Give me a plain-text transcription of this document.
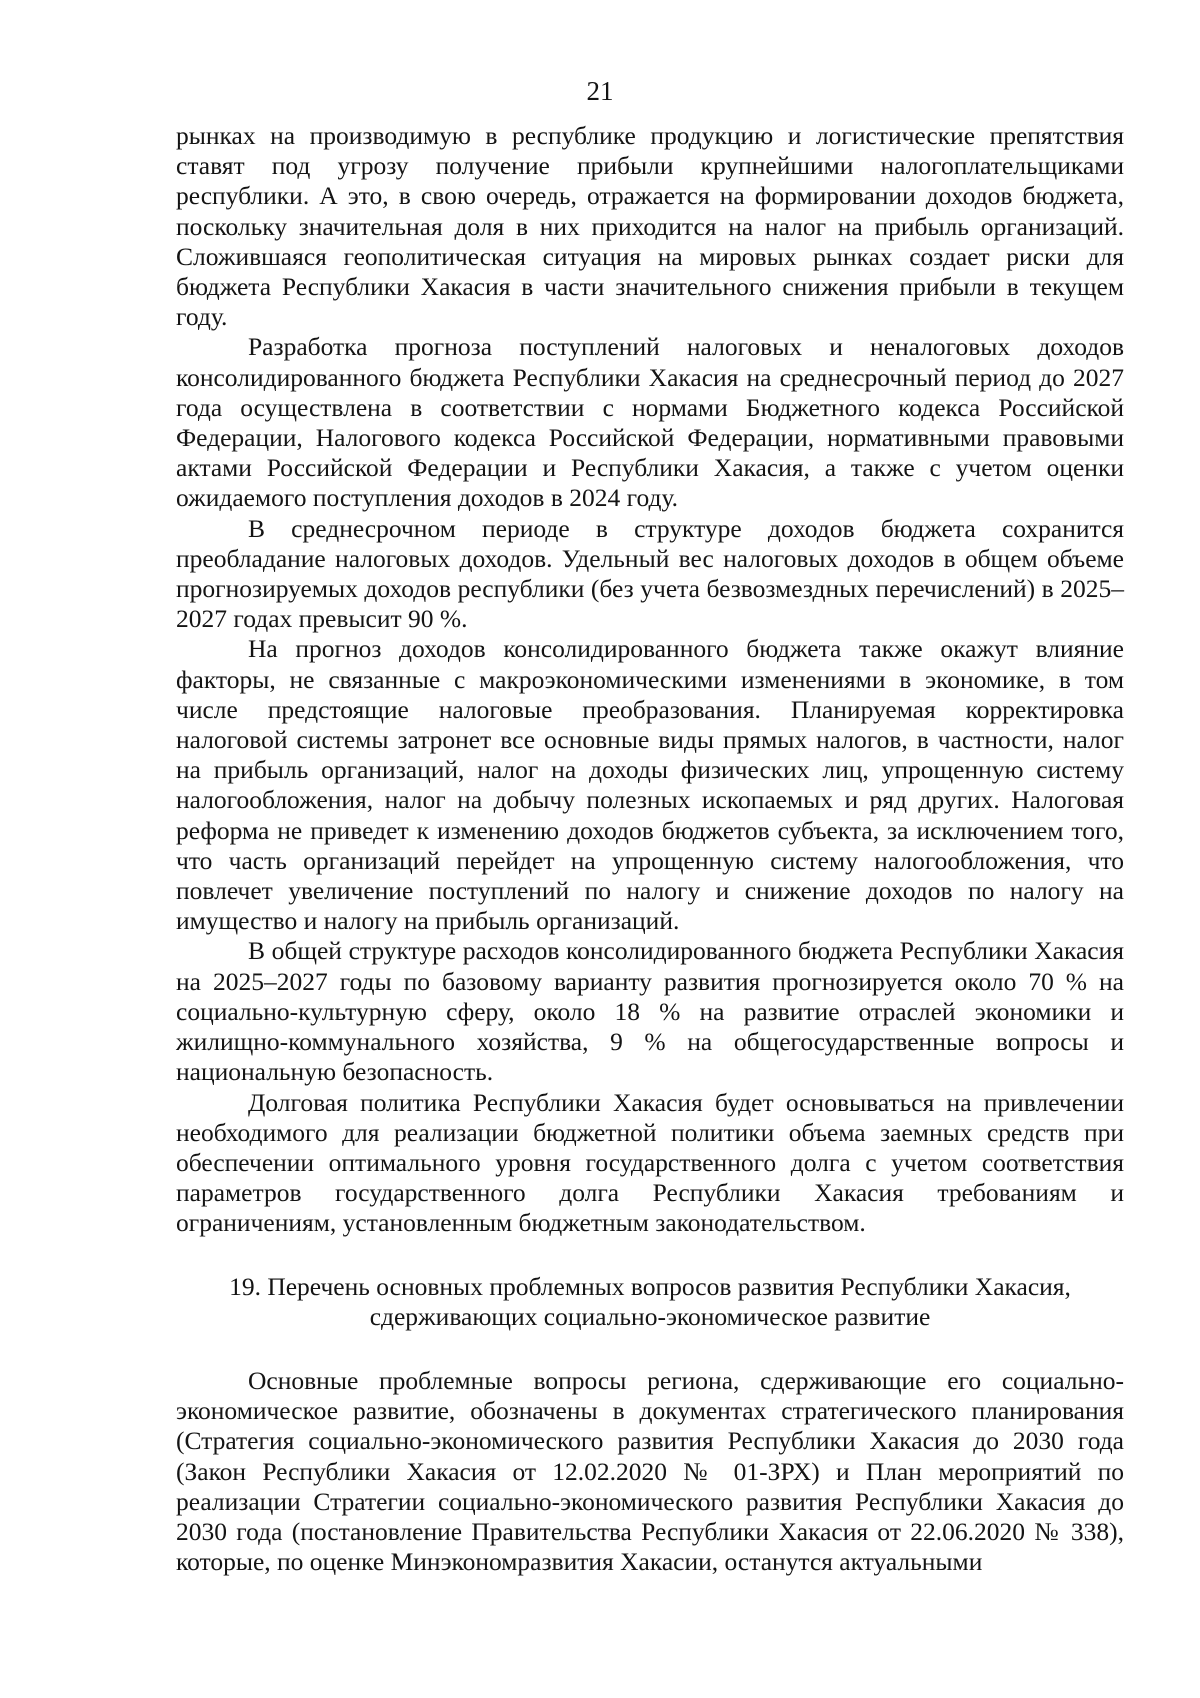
21

рынках на производимую в республике продукцию и логистические препятствия ставят под угрозу получение прибыли крупнейшими налогоплательщиками республики. А это, в свою очередь, отражается на формировании доходов бюджета, поскольку значительная доля в них приходится на налог на прибыль организаций. Сложившаяся геополитическая ситуация на мировых рынках создает риски для бюджета Республики Хакасия в части значительного снижения прибыли в текущем году.

Разработка прогноза поступлений налоговых и неналоговых доходов консолидированного бюджета Республики Хакасия на среднесрочный период до 2027 года осуществлена в соответствии с нормами Бюджетного кодекса Российской Федерации, Налогового кодекса Российской Федерации, нормативными правовыми актами Российской Федерации и Республики Хакасия, а также с учетом оценки ожидаемого поступления доходов в 2024 году.

В среднесрочном периоде в структуре доходов бюджета сохранится преобладание налоговых доходов. Удельный вес налоговых доходов в общем объеме прогнозируемых доходов республики (без учета безвозмездных перечислений) в 2025–2027 годах превысит 90 %.

На прогноз доходов консолидированного бюджета также окажут влияние факторы, не связанные с макроэкономическими изменениями в экономике, в том числе предстоящие налоговые преобразования. Планируемая корректировка налоговой системы затронет все основные виды прямых налогов, в частности, налог на прибыль организаций, налог на доходы физических лиц, упрощенную систему налогообложения, налог на добычу полезных ископаемых и ряд других. Налоговая реформа не приведет к изменению доходов бюджетов субъекта, за исключением того, что часть организаций перейдет на упрощенную систему налогообложения, что повлечет увеличение поступлений по налогу и снижение доходов по налогу на имущество и налогу на прибыль организаций.

В общей структуре расходов консолидированного бюджета Республики Хакасия на 2025–2027 годы по базовому варианту развития прогнозируется около 70 % на социально-культурную сферу, около 18 % на развитие отраслей экономики и жилищно-коммунального хозяйства, 9 % на общегосударственные вопросы и национальную безопасность.

Долговая политика Республики Хакасия будет основываться на привлечении необходимого для реализации бюджетной политики объема заемных средств при обеспечении оптимального уровня государственного долга с учетом соответствия параметров государственного долга Республики Хакасия требованиям и ограничениям, установленным бюджетным законодательством.

19. Перечень основных проблемных вопросов развития Республики Хакасия,
сдерживающих социально-экономическое развитие

Основные проблемные вопросы региона, сдерживающие его социально-экономическое развитие, обозначены в документах стратегического планирования (Стратегия социально-экономического развития Республики Хакасия до 2030 года (Закон Республики Хакасия от 12.02.2020 № 01-ЗРХ) и План мероприятий по реализации Стратегии социально-экономического развития Республики Хакасия до 2030 года (постановление Правительства Республики Хакасия от 22.06.2020 № 338), которые, по оценке Минэкономразвития Хакасии, останутся актуальными
